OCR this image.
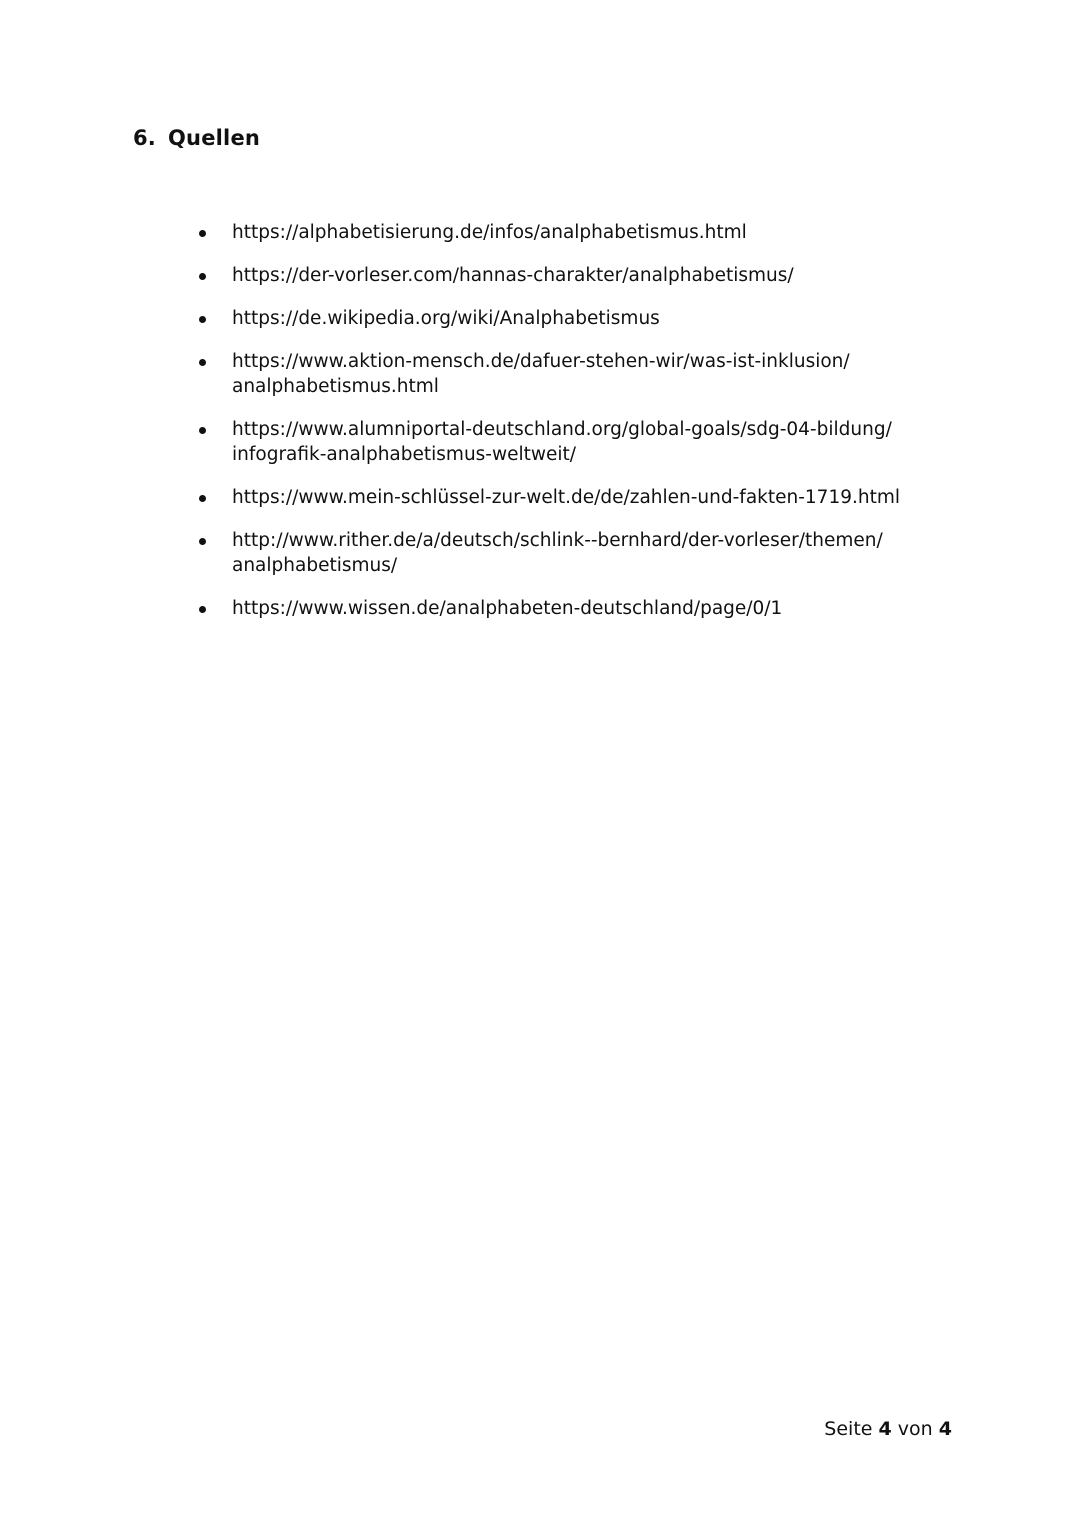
6. Quellen
https://alphabetisierung.de/infos/analphabetismus.html
https://der-vorleser.com/hannas-charakter/analphabetismus/
https://de.wikipedia.org/wiki/Analphabetismus
https://www.aktion-mensch.de/dafuer-stehen-wir/was-ist-inklusion/
analphabetismus.html
https://www.alumniportal-deutschland.org/global-goals/sdg-04-bildung/
infografik-analphabetismus-weltweit/
https://www.mein-schlüssel-zur-welt.de/de/zahlen-und-fakten-1719.html
http://www.rither.de/a/deutsch/schlink--bernhard/der-vorleser/themen/
analphabetismus/
https://www.wissen.de/analphabeten-deutschland/page/0/1
Seite 4 von 4
